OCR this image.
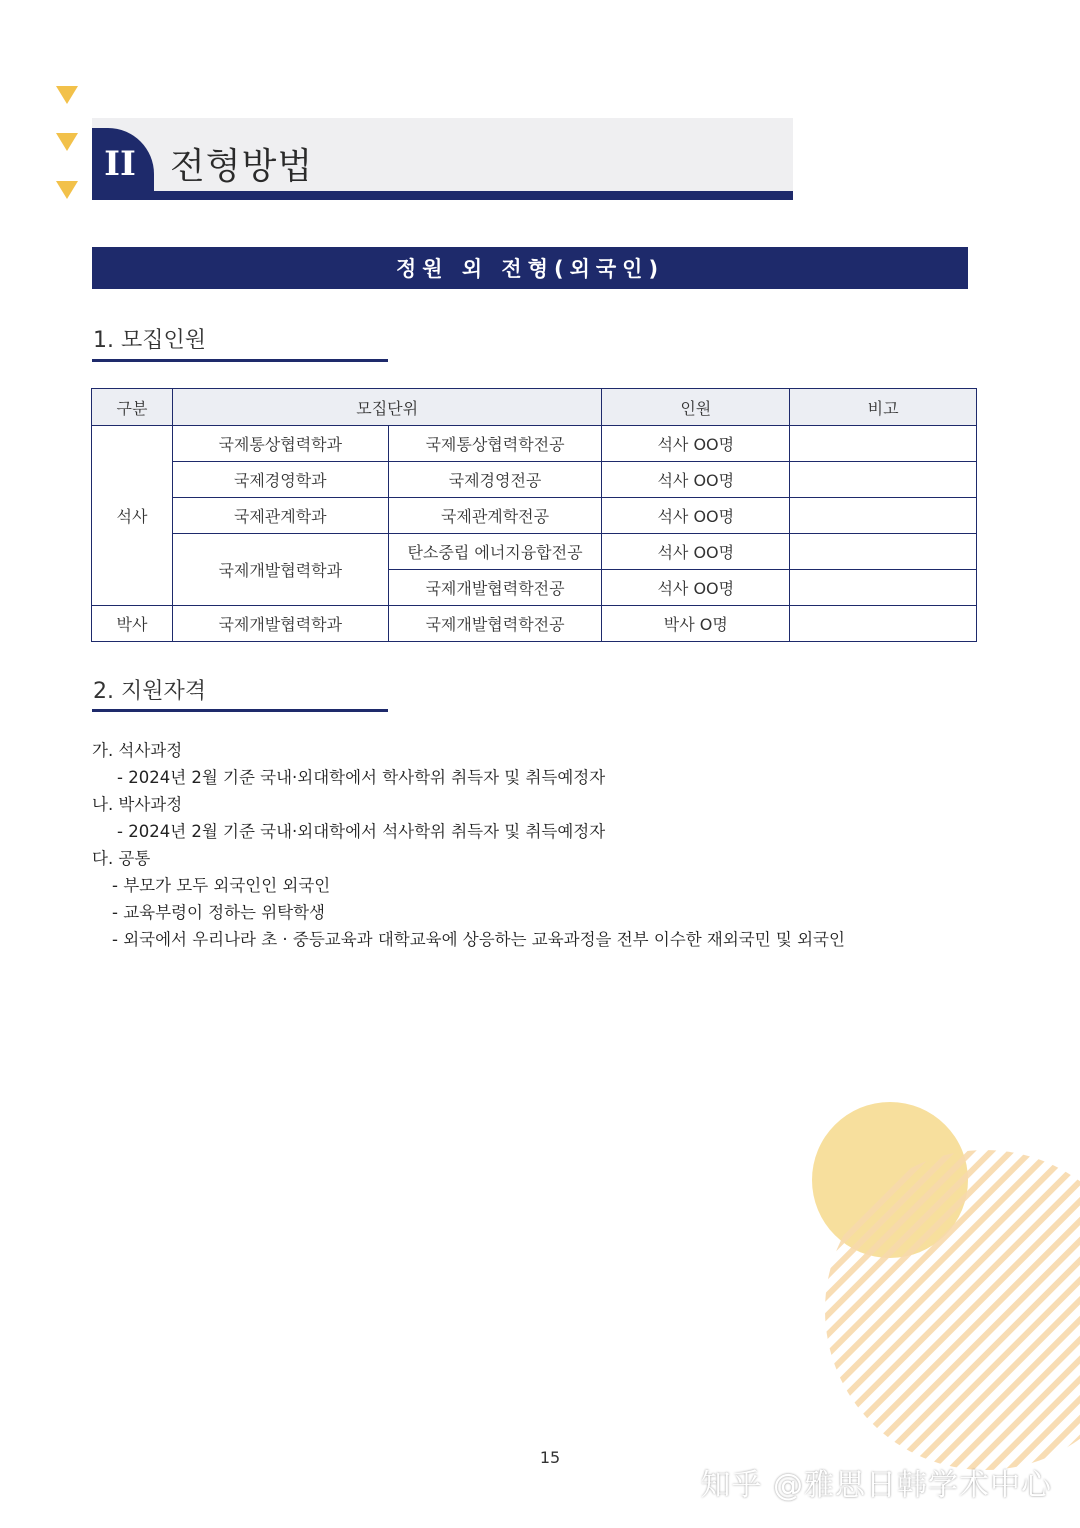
II 전형방법
정원 외 전형(외국인)
1. 모집인원
구분	모집단위		인원	비고
석사	국제통상협력학과	국제통상협력학전공	석사 OO명	
	국제경영학과	국제경영전공	석사 OO명	
	국제관계학과	국제관계학전공	석사 OO명	
	국제개발협력학과	탄소중립 에너지융합전공	석사 OO명	
		국제개발협력학전공	석사 OO명	
박사	국제개발협력학과	국제개발협력학전공	박사 O명	
2. 지원자격
가. 석사과정
- 2024년 2월 기준 국내·외대학에서 학사학위 취득자 및 취득예정자
나. 박사과정
- 2024년 2월 기준 국내·외대학에서 석사학위 취득자 및 취득예정자
다. 공통
- 부모가 모두 외국인인 외국인
- 교육부령이 정하는 위탁학생
- 외국에서 우리나라 초 · 중등교육과 대학교육에 상응하는 교육과정을 전부 이수한 재외국민 및 외국인
15
知乎 @雅思日韩学术中心
